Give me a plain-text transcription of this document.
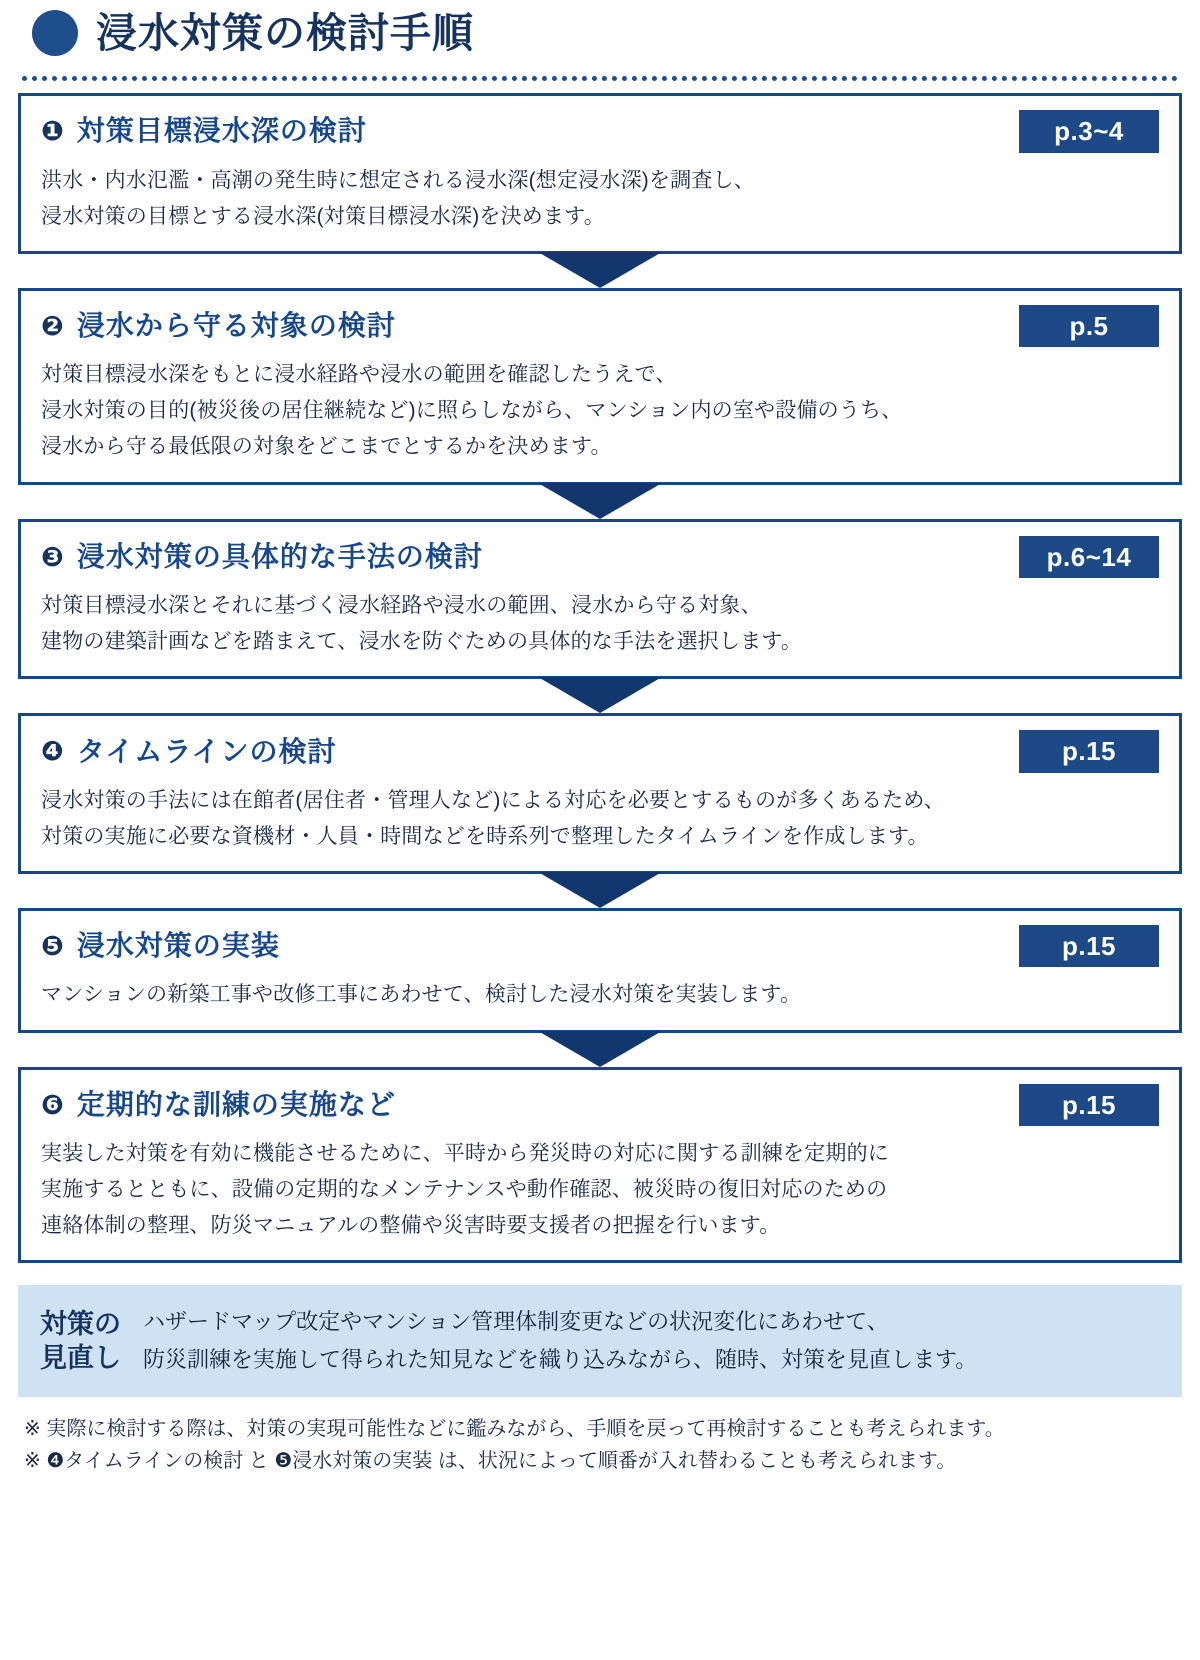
浸水対策の検討手順
❶ 対策目標浸水深の検討	p.3~4
洪水・内水氾濫・高潮の発生時に想定される浸水深(想定浸水深)を調査し、
浸水対策の目標とする浸水深(対策目標浸水深)を決めます。
❷ 浸水から守る対象の検討	p.5
対策目標浸水深をもとに浸水経路や浸水の範囲を確認したうえで、
浸水対策の目的(被災後の居住継続など)に照らしながら、マンション内の室や設備のうち、
浸水から守る最低限の対象をどこまでとするかを決めます。
❸ 浸水対策の具体的な手法の検討	p.6~14
対策目標浸水深とそれに基づく浸水経路や浸水の範囲、浸水から守る対象、
建物の建築計画などを踏まえて、浸水を防ぐための具体的な手法を選択します。
❹ タイムラインの検討	p.15
浸水対策の手法には在館者(居住者・管理人など)による対応を必要とするものが多くあるため、
対策の実施に必要な資機材・人員・時間などを時系列で整理したタイムラインを作成します。
❺ 浸水対策の実装	p.15
マンションの新築工事や改修工事にあわせて、検討した浸水対策を実装します。
❻ 定期的な訓練の実施など	p.15
実装した対策を有効に機能させるために、平時から発災時の対応に関する訓練を定期的に
実施するとともに、設備の定期的なメンテナンスや動作確認、被災時の復旧対応のための
連絡体制の整理、防災マニュアルの整備や災害時要支援者の把握を行います。
対策の
見直し
ハザードマップ改定やマンション管理体制変更などの状況変化にあわせて、
防災訓練を実施して得られた知見などを織り込みながら、随時、対策を見直します。
※ 実際に検討する際は、対策の実現可能性などに鑑みながら、手順を戻って再検討することも考えられます。
※ ❹タイムラインの検討 と ❺浸水対策の実装 は、状況によって順番が入れ替わることも考えられます。
